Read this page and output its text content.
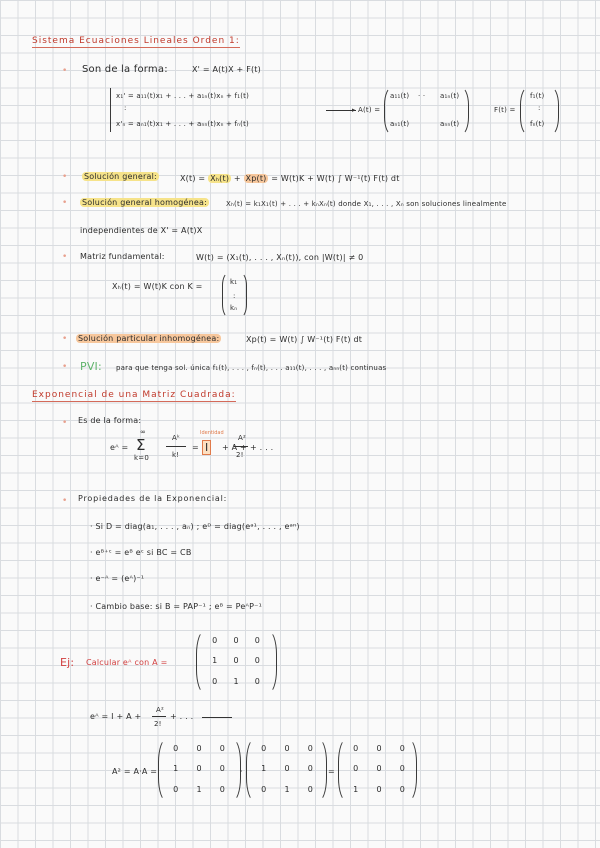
Sistema Ecuaciones Lineales Orden 1:
• Son de la forma:	X' = A(t)X + F(t)
x₁' = a₁₁(t)x₁ + . . . + a₁ₙ(t)xₙ + f₁(t)
:
x'ₙ = aₙ₁(t)x₁ + . . . + aₙₙ(t)xₙ + fₙ(t)
▸ A(t) =
a₁₁(t) · · a₁ₙ(t)
aₙ₁(t)	aₙₙ(t)
F(t) =
f₁(t)
:
fₙ(t)
• Solución general:	X(t) = Xₕ(t) + Xp(t) = W(t)K + W(t) ∫ W⁻¹(t) F(t) dt
• Solución general homogénea:	Xₕ(t) = k₁X₁(t) + . . . + kₙXₙ(t) donde X₁, . . . , Xₙ son soluciones linealmente
independientes de X' = A(t)X
• Matriz fundamental:	W(t) = (X₁(t), . . . , Xₙ(t)), con |W(t)| ≠ 0
Xₕ(t) = W(t)K con K =	k₁
:
kₙ
• Solución particular inhomogénea:	Xp(t) = W(t) ∫ W⁻¹(t) F(t) dt
• PVI: para que tenga sol. única f₁(t), . . . , fₙ(t), . . . a₁₁(t), . . . , aₙₙ(t) continuas
Exponencial de una Matriz Cuadrada:
• Es de la forma:
eᴬ =
∞
Σ
k=0
Aᵏ
k!
=
Identidad
I	+ A +
A²
2!
+ . . .
• Propiedades de la Exponencial:
· Si D = diag(a₁, . . . , aₙ) ; eᴰ = diag(eᵃ¹, . . . , eᵃⁿ)
· eᴮ⁺ᶜ = eᴮ eᶜ si BC = CB
· e⁻ᴬ = (eᴬ)⁻¹
· Cambio base: si B = PAP⁻¹ ; eᴮ = PeᴬP⁻¹
Ej: Calcular eᴬ con A =
0	0	0
1	0	0
0	1	0
eᴬ = I + A +
A²
2!
+ . . .
A² = A·A =
0	0	0
1	0	0
0	1	0
·
0	0	0
1	0	0
0	1	0
=
0	0	0
0	0	0
1	0	0
